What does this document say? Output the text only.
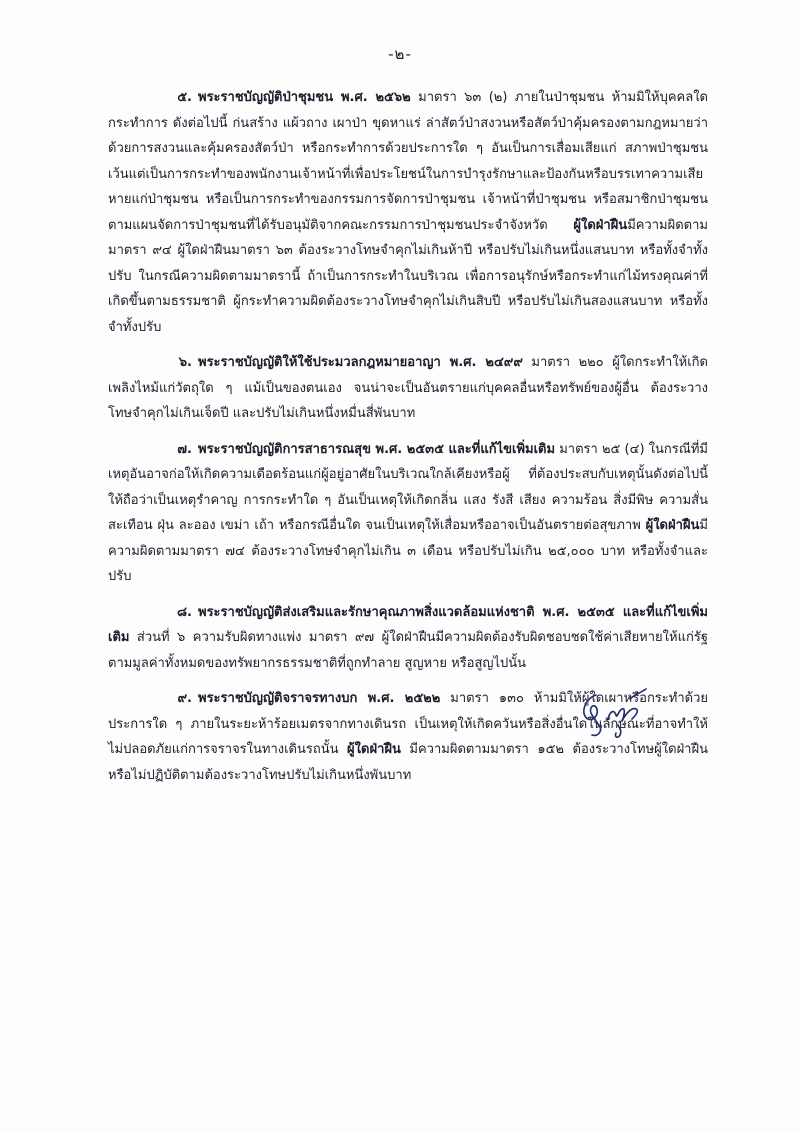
-๒-

๕. พระราชบัญญัติป่าชุมชน พ.ศ. ๒๕๖๒ มาตรา ๖๓ (๒) ภายในป่าชุมชน ห้ามมิให้บุคคลใดกระทำการ ดังต่อไปนี้ ก่นสร้าง แผ้วถาง เผาป่า ขุดหาแร่ ล่าสัตว์ป่าสงวนหรือสัตว์ป่าคุ้มครองตามกฎหมายว่าด้วยการสงวนและคุ้มครองสัตว์ป่า หรือกระทำการด้วยประการใด ๆ อันเป็นการเสื่อมเสียแก่ สภาพป่าชุมชน เว้นแต่เป็นการกระทำของพนักงานเจ้าหน้าที่เพื่อประโยชน์ในการบำรุงรักษาและป้องกันหรือบรรเทาความเสียหายแก่ป่าชุมชน หรือเป็นการกระทำของกรรมการจัดการป่าชุมชน เจ้าหน้าที่ป่าชุมชน หรือสมาชิกป่าชุมชน ตามแผนจัดการป่าชุมชนที่ได้รับอนุมัติจากคณะกรรมการป่าชุมชนประจำจังหวัด ผู้ใดฝ่าฝืนมีความผิดตามมาตรา ๙๔ ผู้ใดฝ่าฝืนมาตรา ๖๓ ต้องระวางโทษจำคุกไม่เกินห้าปี หรือปรับไม่เกินหนึ่งแสนบาท หรือทั้งจำทั้งปรับ ในกรณีความผิดตามมาตรานี้ ถ้าเป็นการกระทำในบริเวณ เพื่อการอนุรักษ์หรือกระทำแก่ไม้ทรงคุณค่าที่เกิดขึ้นตามธรรมชาติ ผู้กระทำความผิดต้องระวางโทษจำคุกไม่เกินสิบปี หรือปรับไม่เกินสองแสนบาท หรือทั้งจำทั้งปรับ

๖. พระราชบัญญัติให้ใช้ประมวลกฎหมายอาญา พ.ศ. ๒๔๙๙ มาตรา ๒๒๐ ผู้ใดกระทำให้เกิดเพลิงไหม้แก่วัตถุใด ๆ แม้เป็นของตนเอง จนน่าจะเป็นอันตรายแก่บุคคลอื่นหรือทรัพย์ของผู้อื่น ต้องระวางโทษจำคุกไม่เกินเจ็ดปี และปรับไม่เกินหนึ่งหมื่นสี่พันบาท

๗. พระราชบัญญัติการสาธารณสุข พ.ศ. ๒๕๓๕ และที่แก้ไขเพิ่มเติม มาตรา ๒๕ (๔) ในกรณีที่มีเหตุอันอาจก่อให้เกิดความเดือดร้อนแก่ผู้อยู่อาศัยในบริเวณใกล้เคียงหรือผู้ ที่ต้องประสบกับเหตุนั้นดังต่อไปนี้ ให้ถือว่าเป็นเหตุรำคาญ การกระทำใด ๆ อันเป็นเหตุให้เกิดกลิ่น แสง รังสี เสียง ความร้อน สิ่งมีพิษ ความสั่นสะเทือน ฝุ่น ละออง เขม่า เถ้า หรือกรณีอื่นใด จนเป็นเหตุให้เสื่อมหรืออาจเป็นอันตรายต่อสุขภาพ ผู้ใดฝ่าฝืนมีความผิดตามมาตรา ๗๔ ต้องระวางโทษจำคุกไม่เกิน ๓ เดือน หรือปรับไม่เกิน ๒๕,๐๐๐ บาท หรือทั้งจำและปรับ

๘. พระราชบัญญัติส่งเสริมและรักษาคุณภาพสิ่งแวดล้อมแห่งชาติ พ.ศ. ๒๕๓๕ และที่แก้ไขเพิ่มเติม ส่วนที่ ๖ ความรับผิดทางแพ่ง มาตรา ๙๗ ผู้ใดฝ่าฝืนมีความผิดต้องรับผิดชอบชดใช้ค่าเสียหายให้แก่รัฐตามมูลค่าทั้งหมดของทรัพยากรธรรมชาติที่ถูกทำลาย สูญหาย หรือสูญไปนั้น

๙. พระราชบัญญัติจราจรทางบก พ.ศ. ๒๕๒๒ มาตรา ๑๓๐ ห้ามมิให้ผู้ใดเผาหรือกระทำด้วยประการใด ๆ ภายในระยะห้าร้อยเมตรจากทางเดินรถ เป็นเหตุให้เกิดควันหรือสิ่งอื่นใดในลักษณะที่อาจทำให้ไม่ปลอดภัยแก่การจราจรในทางเดินรถนั้น ผู้ใดฝ่าฝืน มีความผิดตามมาตรา ๑๕๒ ต้องระวางโทษผู้ใดฝ่าฝืนหรือไม่ปฏิบัติตามต้องระวางโทษปรับไม่เกินหนึ่งพันบาท
